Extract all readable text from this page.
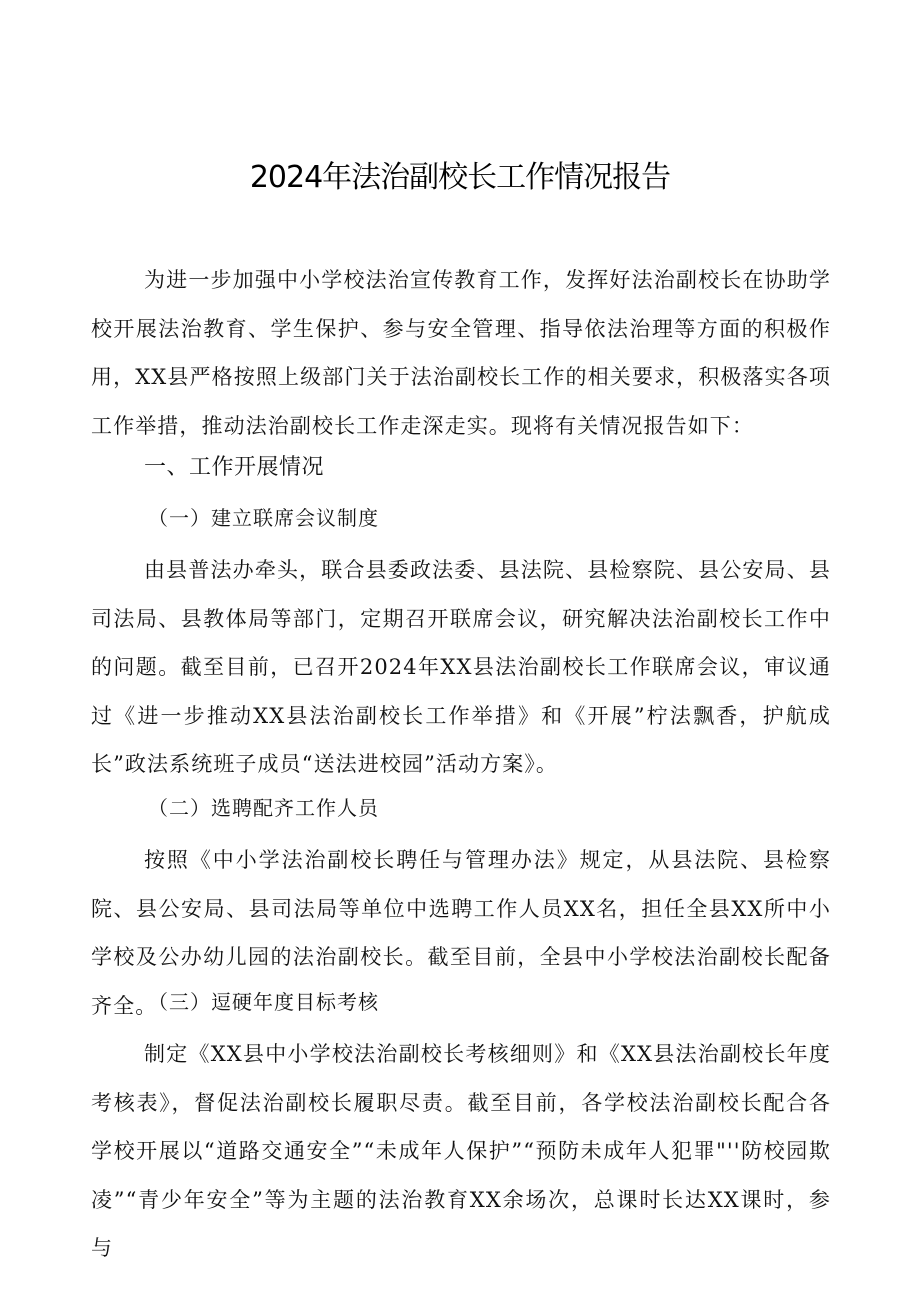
2024年法治副校长工作情况报告

为进一步加强中小学校法治宣传教育工作，发挥好法治副校长在协助学校开展法治教育、学生保护、参与安全管理、指导依法治理等方面的积极作用，XX县严格按照上级部门关于法治副校长工作的相关要求，积极落实各项工作举措，推动法治副校长工作走深走实。现将有关情况报告如下：

一、工作开展情况
（一）建立联席会议制度

由县普法办牵头，联合县委政法委、县法院、县检察院、县公安局、县司法局、县教体局等部门，定期召开联席会议，研究解决法治副校长工作中的问题。截至目前，已召开2024年XX县法治副校长工作联席会议，审议通过《进一步推动XX县法治副校长工作举措》和《开展”柠法飘香，护航成长”政法系统班子成员“送法进校园”活动方案》。

（二）选聘配齐工作人员

按照《中小学法治副校长聘任与管理办法》规定，从县法院、县检察院、县公安局、县司法局等单位中选聘工作人员XX名，担任全县XX所中小学校及公办幼儿园的法治副校长。截至目前，全县中小学校法治副校长配备齐全。

（三）逗硬年度目标考核

制定《XX县中小学校法治副校长考核细则》和《XX县法治副校长年度考核表》，督促法治副校长履职尽责。截至目前，各学校法治副校长配合各学校开展以“道路交通安全”“未成年人保护”“预防未成年人犯罪"''防校园欺凌”“青少年安全”等为主题的法治教育XX余场次，总课时长达XX课时，参与
